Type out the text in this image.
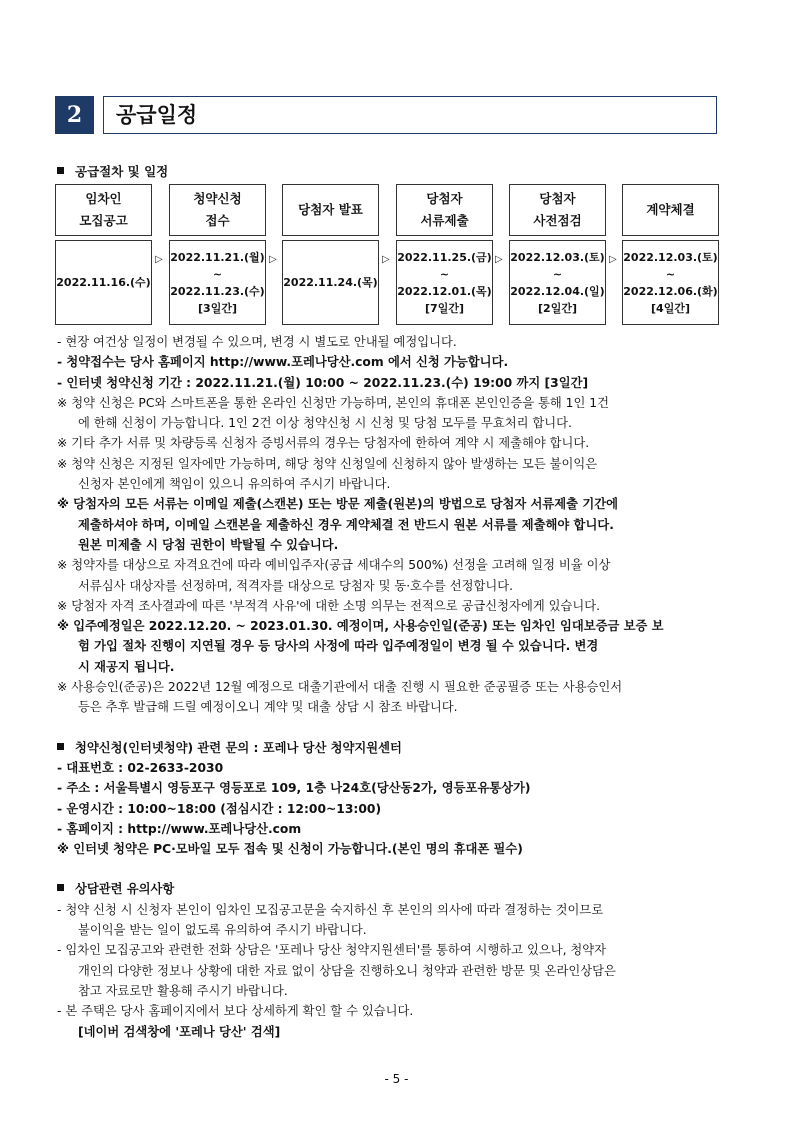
2	공급일정
공급절차 및 일정
임차인
모집공고
2022.11.16.(수)
▷
청약신청
접수
2022.11.21.(월)
~
2022.11.23.(수)
[3일간]
▷
당첨자 발표
2022.11.24.(목)
▷
당첨자
서류제출
2022.11.25.(금)
~
2022.12.01.(목)
[7일간]
▷
당첨자
사전점검
2022.12.03.(토)
~
2022.12.04.(일)
[2일간]
▷
계약체결
2022.12.03.(토)
~
2022.12.06.(화)
[4일간]

- 현장 여건상 일정이 변경될 수 있으며, 변경 시 별도로 안내될 예정입니다.

- 청약접수는 당사 홈페이지 http://www.포레나당산.com 에서 신청 가능합니다.

- 인터넷 청약신청 기간 : 2022.11.21.(월) 10:00 ~ 2022.11.23.(수) 19:00 까지 [3일간]

※ 청약 신청은 PC와 스마트폰을 통한 온라인 신청만 가능하며, 본인의 휴대폰 본인인증을 통해 1인 1건

에 한해 신청이 가능합니다. 1인 2건 이상 청약신청 시 신청 및 당첨 모두를 무효처리 합니다.

※ 기타 추가 서류 및 차량등록 신청자 증빙서류의 경우는 당첨자에 한하여 계약 시 제출해야 합니다.

※ 청약 신청은 지정된 일자에만 가능하며, 해당 청약 신청일에 신청하지 않아 발생하는 모든 불이익은

신청자 본인에게 책임이 있으니 유의하여 주시기 바랍니다.

※ 당첨자의 모든 서류는 이메일 제출(스캔본) 또는 방문 제출(원본)의 방법으로 당첨자 서류제출 기간에

제출하셔야 하며, 이메일 스캔본을 제출하신 경우 계약체결 전 반드시 원본 서류를 제출해야 합니다.

원본 미제출 시 당첨 권한이 박탈될 수 있습니다.

※ 청약자를 대상으로 자격요건에 따라 예비입주자(공급 세대수의 500%) 선정을 고려해 일정 비율 이상

서류심사 대상자를 선정하며, 적격자를 대상으로 당첨자 및 동·호수를 선정합니다.

※ 당첨자 자격 조사결과에 따른 '부적격 사유'에 대한 소명 의무는 전적으로 공급신청자에게 있습니다.

※ 입주예정일은 2022.12.20. ~ 2023.01.30. 예정이며, 사용승인일(준공) 또는 임차인 임대보증금 보증 보

험 가입 절차 진행이 지연될 경우 등 당사의 사정에 따라 입주예정일이 변경 될 수 있습니다. 변경

시 재공지 됩니다.

※ 사용승인(준공)은 2022년 12월 예정으로 대출기관에서 대출 진행 시 필요한 준공필증 또는 사용승인서

등은 추후 발급해 드릴 예정이오니 계약 및 대출 상담 시 참조 바랍니다.

청약신청(인터넷청약) 관련 문의 : 포레나 당산 청약지원센터

- 대표번호 : 02-2633-2030

- 주소 : 서울특별시 영등포구 영등포로 109, 1층 나24호(당산동2가, 영등포유통상가)

- 운영시간 : 10:00~18:00 (점심시간 : 12:00~13:00)

- 홈페이지 : http://www.포레나당산.com

※ 인터넷 청약은 PC·모바일 모두 접속 및 신청이 가능합니다.(본인 명의 휴대폰 필수)

상담관련 유의사항

- 청약 신청 시 신청자 본인이 임차인 모집공고문을 숙지하신 후 본인의 의사에 따라 결정하는 것이므로

불이익을 받는 일이 없도록 유의하여 주시기 바랍니다.

- 임차인 모집공고와 관련한 전화 상담은 '포레나 당산 청약지원센터'를 통하여 시행하고 있으나, 청약자

개인의 다양한 정보나 상황에 대한 자료 없이 상담을 진행하오니 청약과 관련한 방문 및 온라인상담은

참고 자료로만 활용해 주시기 바랍니다.

- 본 주택은 당사 홈페이지에서 보다 상세하게 확인 할 수 있습니다.

[네이버 검색창에 '포레나 당산' 검색]

- 5 -
